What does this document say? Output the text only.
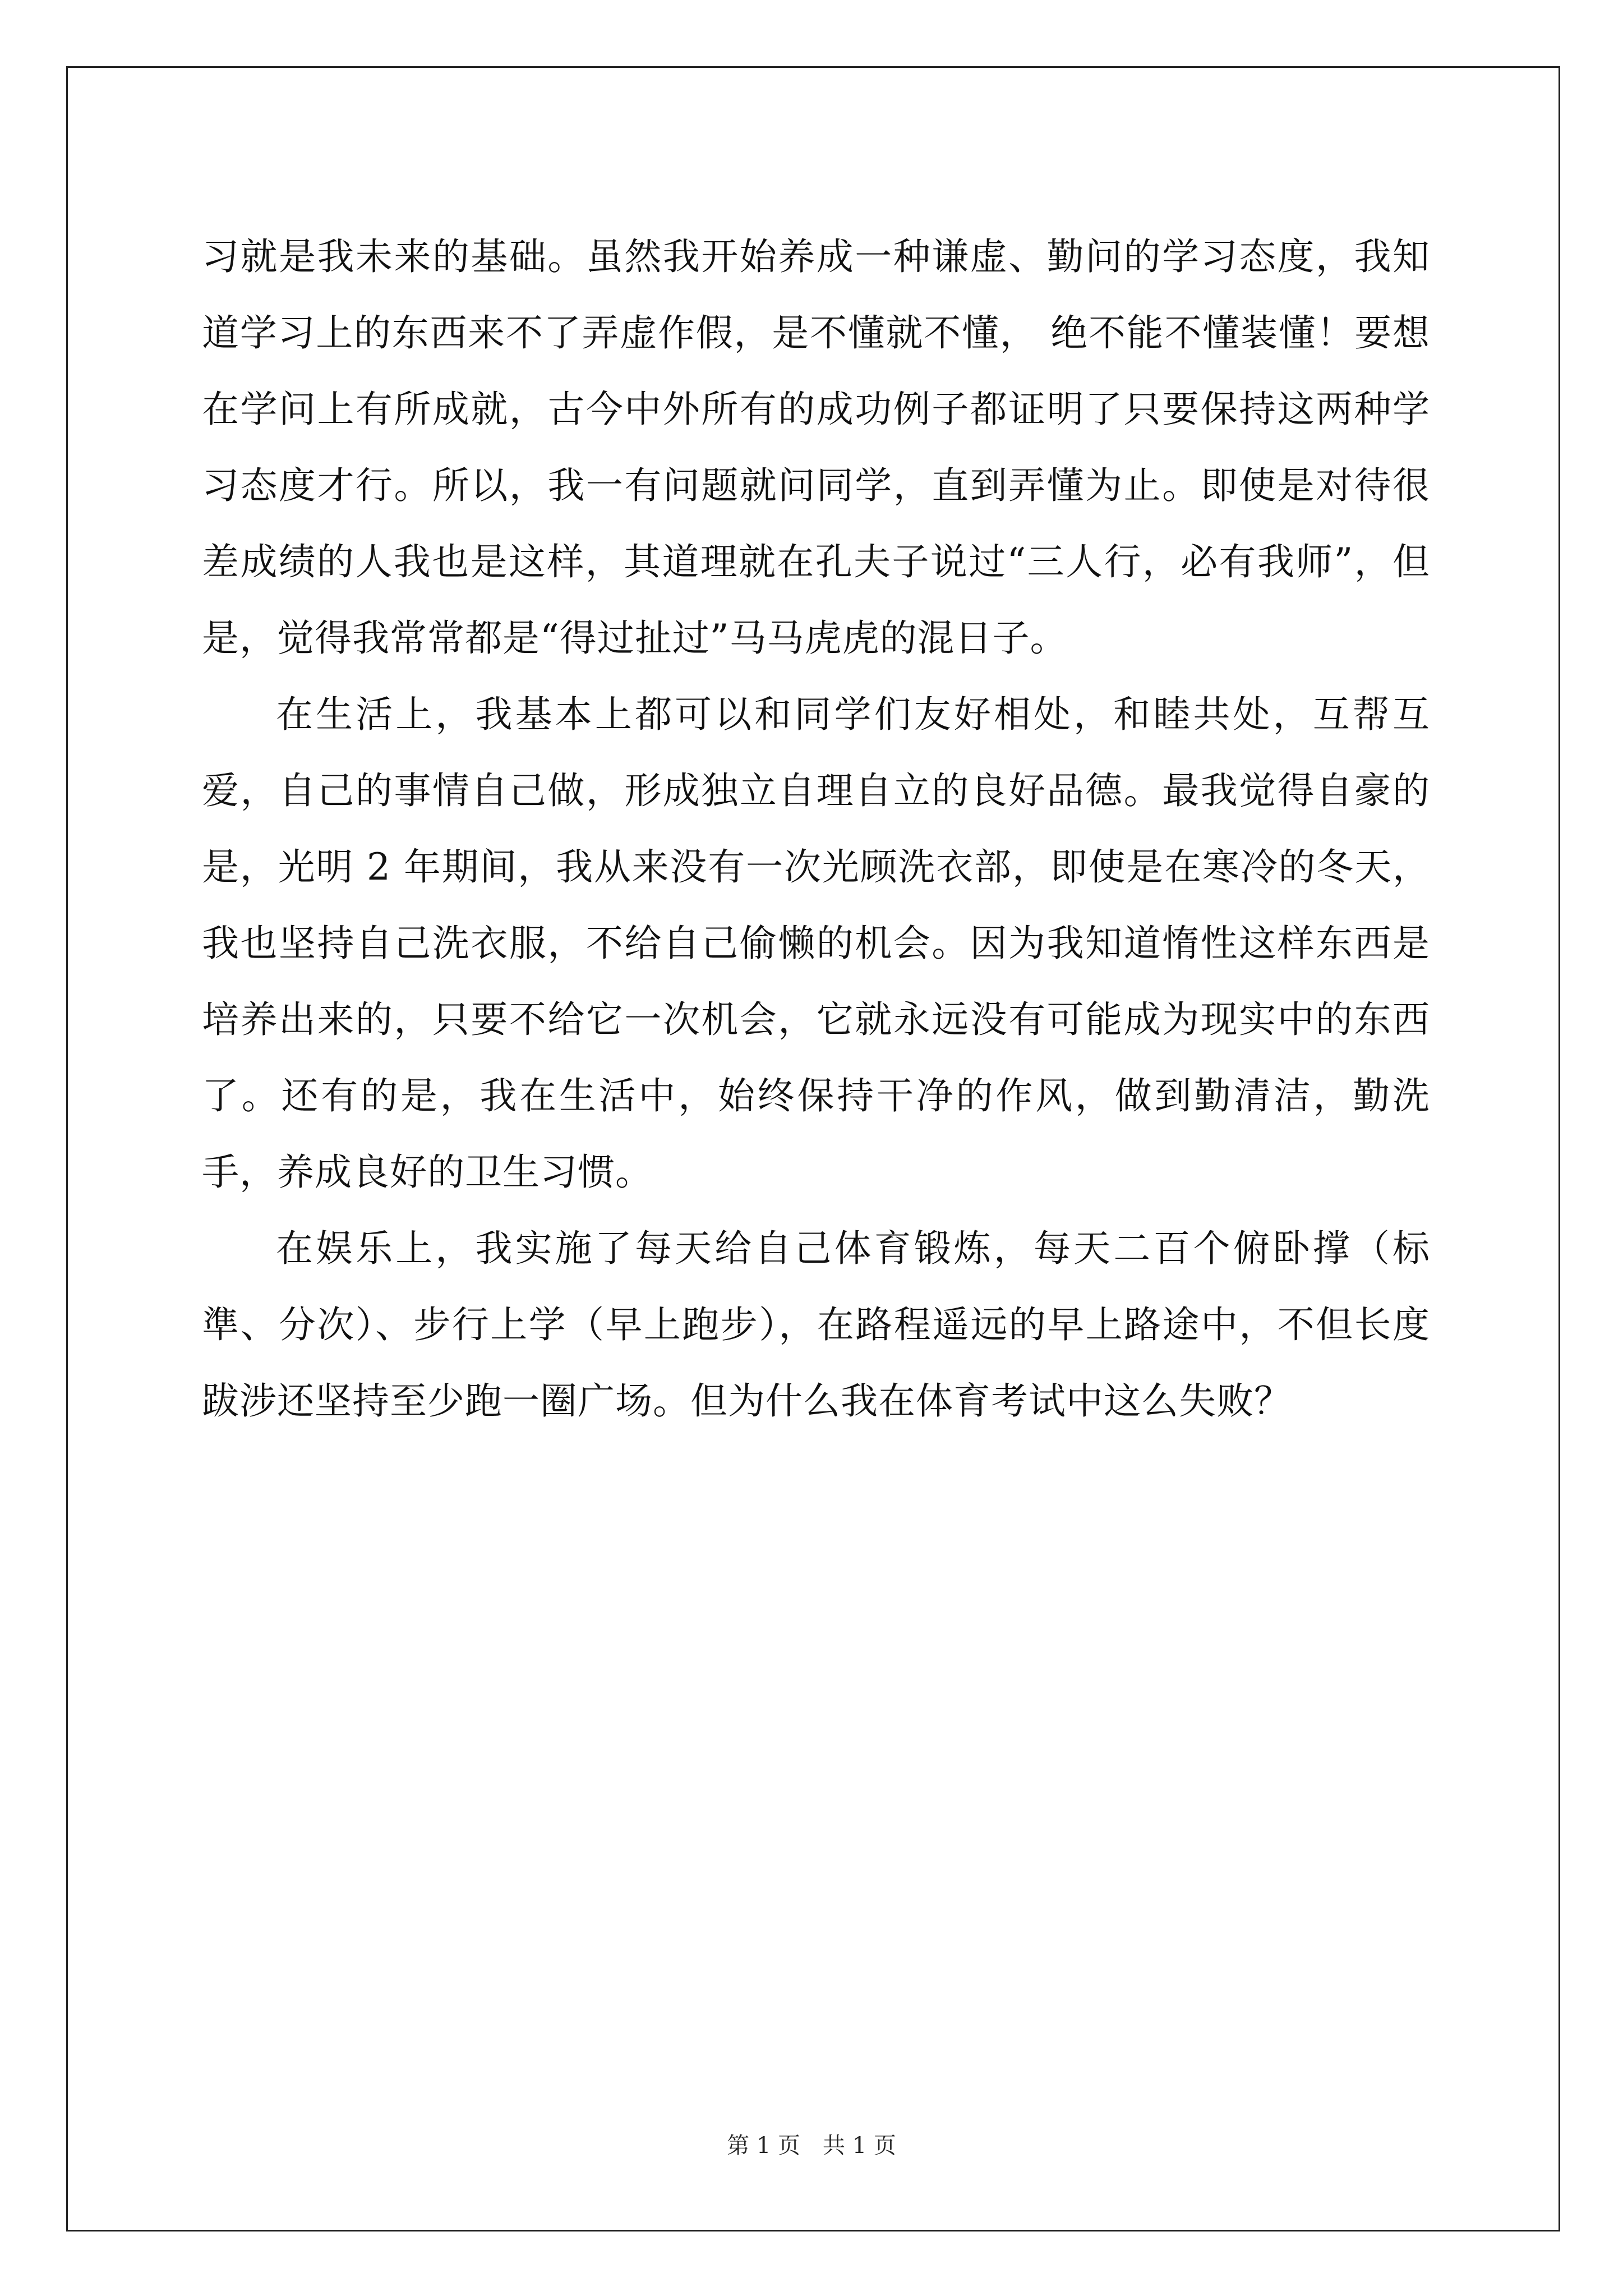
习就是我未来的基础。虽然我开始养成一种谦虚、勤问的学习态度，我知道学习上的东西来不了弄虚作假，是不懂就不懂， 绝不能不懂装懂！要想在学问上有所成就，古今中外所有的成功例子都证明了只要保持这两种学习态度才行。所以，我一有问题就问同学，直到弄懂为止。即使是对待很差成绩的人我也是这样，其道理就在孔夫子说过“三人行，必有我师”，但是，觉得我常常都是“得过扯过”马马虎虎的混日子。

在生活上，我基本上都可以和同学们友好相处，和睦共处，互帮互爱，自己的事情自己做，形成独立自理自立的良好品德。最我觉得自豪的是，光明 2 年期间，我从来没有一次光顾洗衣部，即使是在寒冷的冬天，我也坚持自己洗衣服，不给自己偷懒的机会。因为我知道惰性这样东西是培养出来的，只要不给它一次机会，它就永远没有可能成为现实中的东西了。还有的是，我在生活中，始终保持干净的作风，做到勤清洁，勤洗手，养成良好的卫生习惯。

在娱乐上，我实施了每天给自己体育锻炼，每天二百个俯卧撑（标準、分次）、步行上学（早上跑步），在路程遥远的早上路途中，不但长度跋涉还坚持至少跑一圈广场。但为什么我在体育考试中这么失败？

第 1 页　共 1 页
